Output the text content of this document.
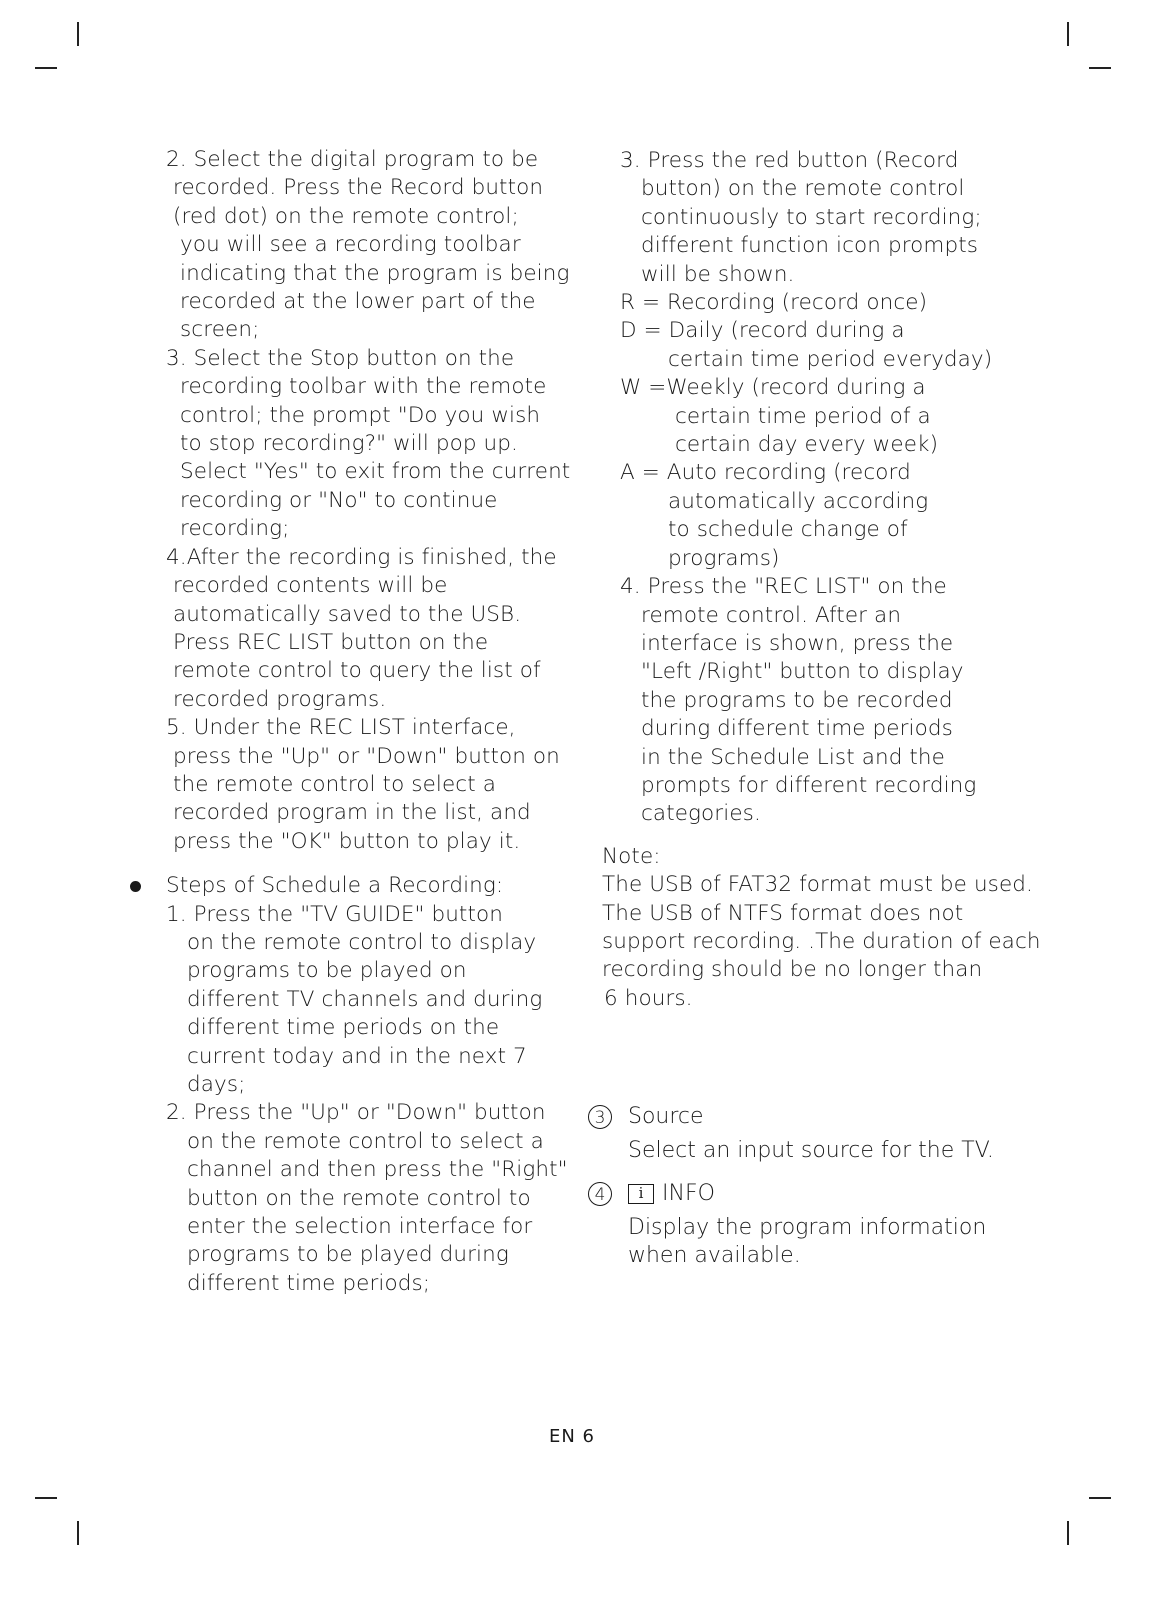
2. Select the digital program to be
recorded. Press the Record button
(red dot) on the remote control;
you will see a recording toolbar
indicating that the program is being
recorded at the lower part of the
screen;
3. Select the Stop button on the
recording toolbar with the remote
control; the prompt "Do you wish
to stop recording?" will pop up.
Select "Yes" to exit from the current
recording or "No" to continue
recording;
4.After the recording is finished, the
recorded contents will be
automatically saved to the USB.
Press REC LIST button on the
remote control to query the list of
recorded programs.
5. Under the REC LIST interface,
press the "Up" or "Down" button on
the remote control to select a
recorded program in the list, and
press the "OK" button to play it.
Steps of Schedule a Recording:
1. Press the "TV GUIDE" button
on the remote control to display
programs to be played on
different TV channels and during
different time periods on the
current today and in the next 7
days;
2. Press the "Up" or "Down" button
on the remote control to select a
channel and then press the "Right"
button on the remote control to
enter the selection interface for
programs to be played during
different time periods;
3. Press the red button (Record
button) on the remote control
continuously to start recording;
different function icon prompts
will be shown.
R = Recording (record once)
D = Daily (record during a
certain time period everyday)
W =Weekly (record during a
certain time period of a
certain day every week)
A = Auto recording (record
automatically according
to schedule change of
programs)
4. Press the "REC LIST" on the
remote control. After an
interface is shown, press the
"Left /Right" button to display
the programs to be recorded
during different time periods
in the Schedule List and the
prompts for different recording
categories.
Note:
The USB of FAT32 format must be used.
The USB of NTFS format does not
support recording. .The duration of each
recording should be no longer than
6 hours.
3 Source
Select an input source for the TV.
4 i INFO
Display the program information
when available.
EN 6
